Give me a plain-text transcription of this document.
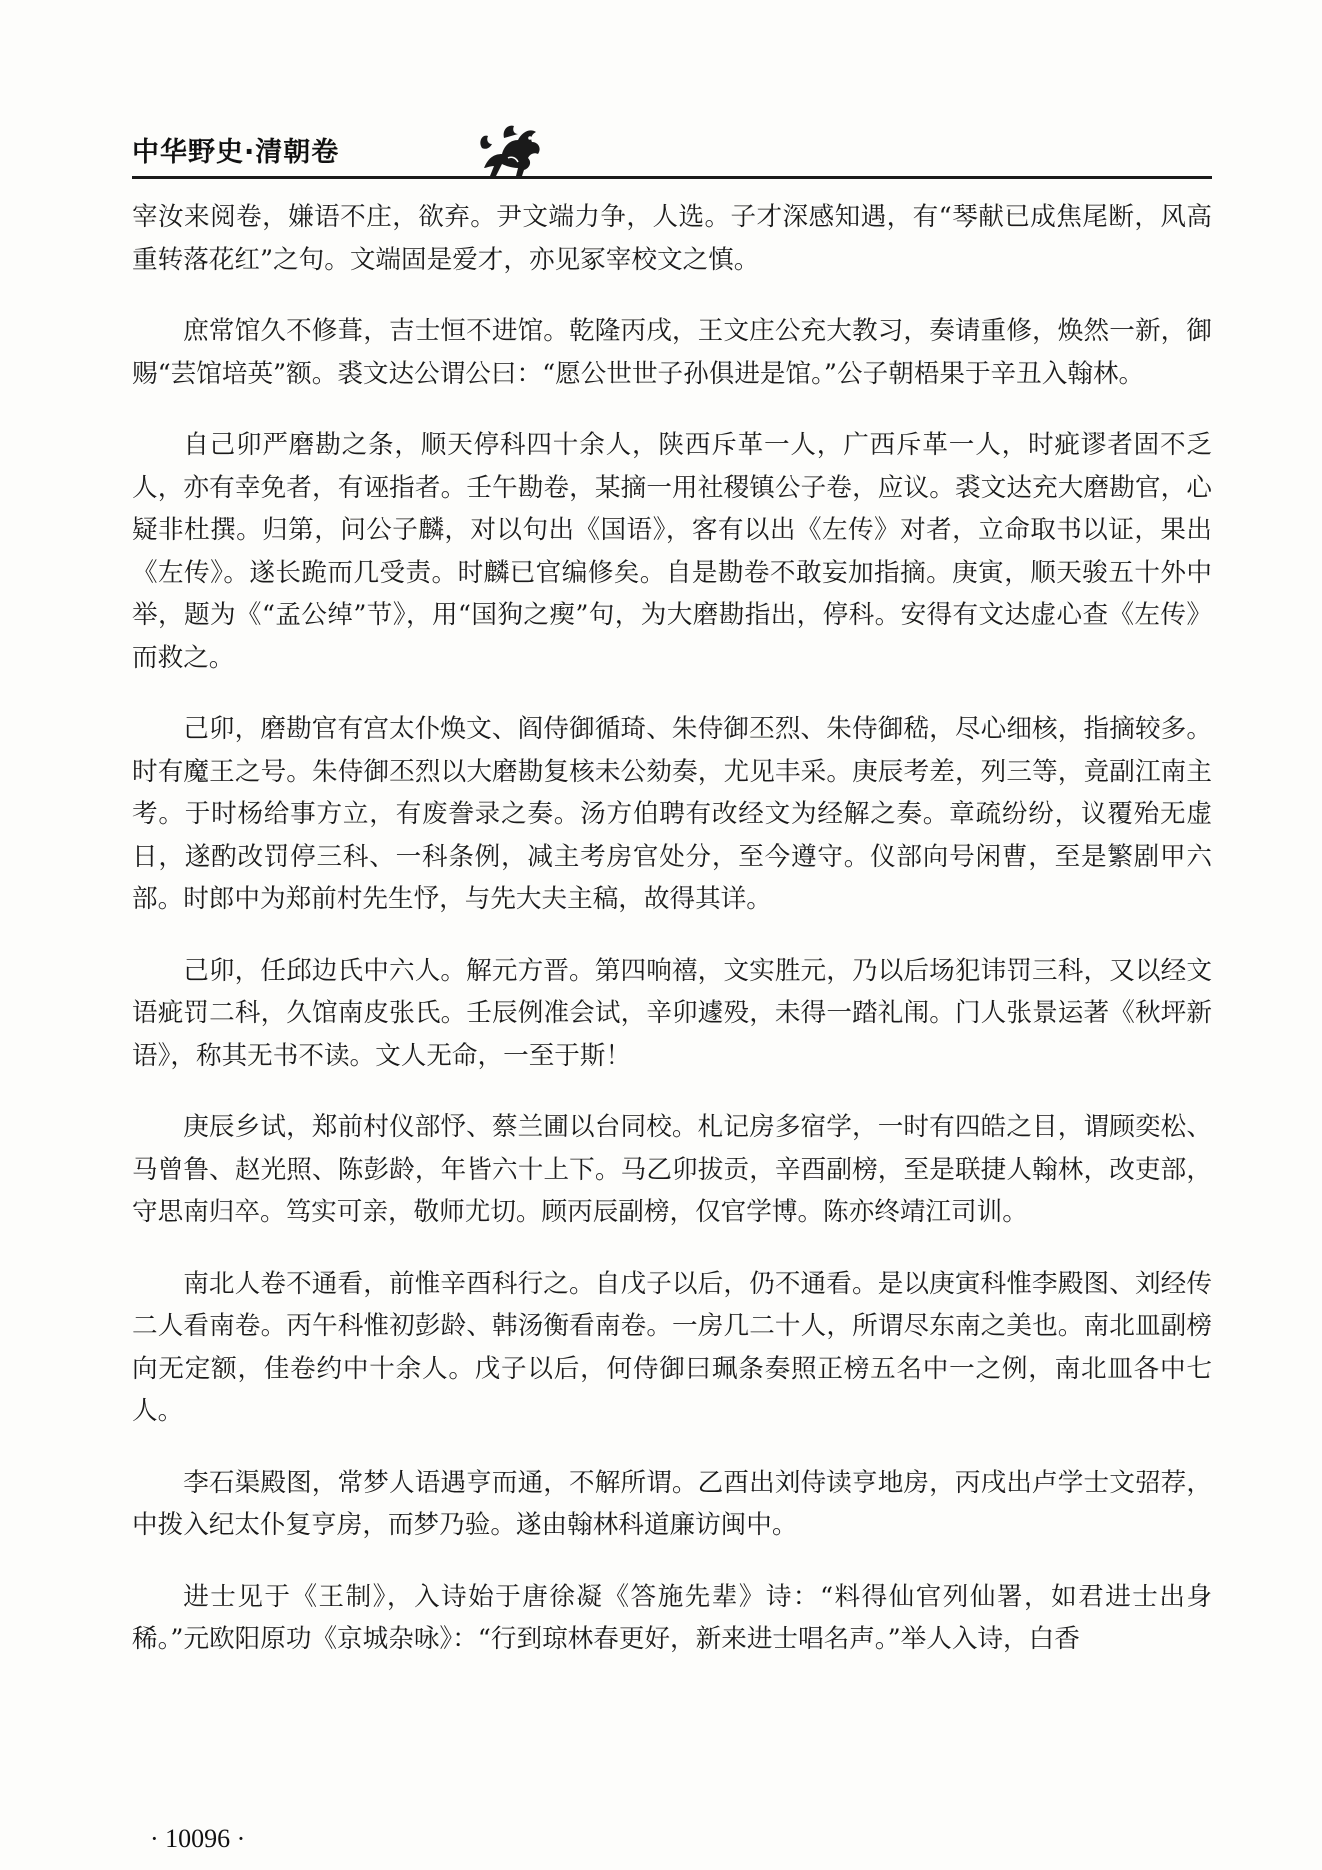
中华野史·清朝卷

宰汝来阅卷，嫌语不庄，欲弃。尹文端力争，人选。子才深感知遇，有“琴献已成焦尾断，风高重转落花红”之句。文端固是爱才，亦见冢宰校文之慎。

庶常馆久不修葺，吉士恒不进馆。乾隆丙戌，王文庄公充大教习，奏请重修，焕然一新，御赐“芸馆培英”额。裘文达公谓公曰：“愿公世世子孙俱进是馆。”公子朝梧果于辛丑入翰林。

自己卯严磨勘之条，顺天停科四十余人，陕西斥革一人，广西斥革一人，时疵谬者固不乏人，亦有幸免者，有诬指者。壬午勘卷，某摘一用社稷镇公子卷，应议。裘文达充大磨勘官，心疑非杜撰。归第，问公子麟，对以句出《国语》，客有以出《左传》对者，立命取书以证，果出《左传》。遂长跪而几受责。时麟已官编修矣。自是勘卷不敢妄加指摘。庚寅，顺天骏五十外中举，题为《“孟公绰”节》，用“国狗之瘈”句，为大磨勘指出，停科。安得有文达虚心查《左传》而救之。

己卯，磨勘官有宫太仆焕文、阎侍御循琦、朱侍御丕烈、朱侍御嵇，尽心细核，指摘较多。时有魔王之号。朱侍御丕烈以大磨勘复核未公劾奏，尤见丰采。庚辰考差，列三等，竟副江南主考。于时杨给事方立，有废誊录之奏。汤方伯聘有改经文为经解之奏。章疏纷纷，议覆殆无虚日，遂酌改罚停三科、一科条例，减主考房官处分，至今遵守。仪部向号闲曹，至是繁剧甲六部。时郎中为郑前村先生忬，与先大夫主稿，故得其详。

己卯，任邱边氏中六人。解元方晋。第四响禧，文实胜元，乃以后场犯讳罚三科，又以经文语疵罚二科，久馆南皮张氏。壬辰例准会试，辛卯遽殁，未得一踏礼闱。门人张景运著《秋坪新语》，称其无书不读。文人无命，一至于斯！

庚辰乡试，郑前村仪部忬、蔡兰圃以台同校。札记房多宿学，一时有四皓之目，谓顾奕松、马曾鲁、赵光照、陈彭龄，年皆六十上下。马乙卯拔贡，辛酉副榜，至是联捷人翰林，改吏部，守思南归卒。笃实可亲，敬师尤切。顾丙辰副榜，仅官学博。陈亦终靖江司训。

南北人卷不通看，前惟辛酉科行之。自戊子以后，仍不通看。是以庚寅科惟李殿图、刘经传二人看南卷。丙午科惟初彭龄、韩汤衡看南卷。一房几二十人，所谓尽东南之美也。南北皿副榜向无定额，佳卷约中十余人。戊子以后，何侍御曰珮条奏照正榜五名中一之例，南北皿各中七人。

李石渠殿图，常梦人语遇亨而通，不解所谓。乙酉出刘侍读亨地房，丙戌出卢学士文弨荐，中拨入纪太仆复亨房，而梦乃验。遂由翰林科道廉访闽中。

进士见于《王制》，入诗始于唐徐凝《答施先辈》诗：“料得仙官列仙署，如君进士出身稀。”元欧阳原功《京城杂咏》：“行到琼林春更好，新来进士唱名声。”举人入诗，白香

· 10096 ·
